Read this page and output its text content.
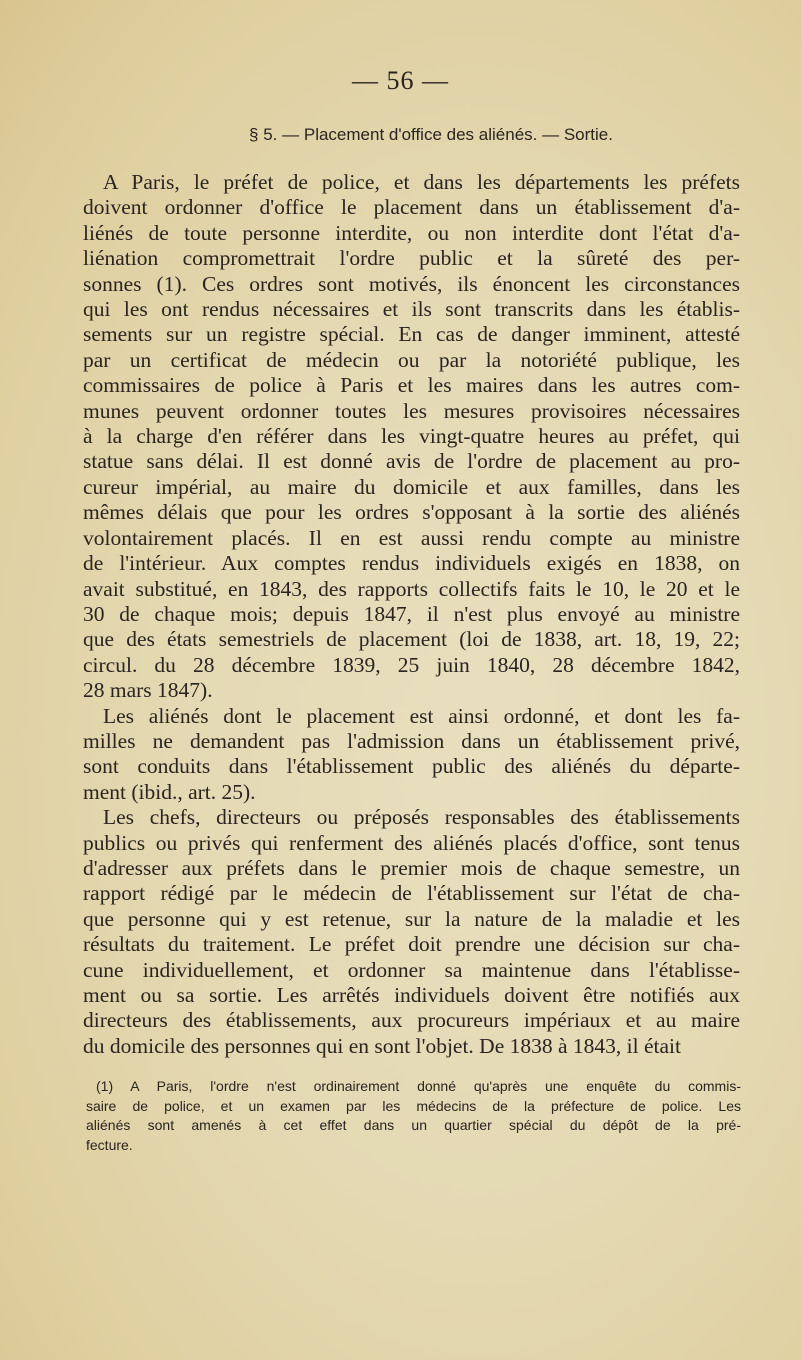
— 56 —
§ 5. — Placement d'office des aliénés. — Sortie.
A Paris, le préfet de police, et dans les départements les préfets
doivent ordonner d'office le placement dans un établissement d'a-
liénés de toute personne interdite, ou non interdite dont l'état d'a-
liénation compromettrait l'ordre public et la sûreté des per-
sonnes (1). Ces ordres sont motivés, ils énoncent les circonstances
qui les ont rendus nécessaires et ils sont transcrits dans les établis-
sements sur un registre spécial. En cas de danger imminent, attesté
par un certificat de médecin ou par la notoriété publique, les
commissaires de police à Paris et les maires dans les autres com-
munes peuvent ordonner toutes les mesures provisoires nécessaires
à la charge d'en référer dans les vingt-quatre heures au préfet, qui
statue sans délai. Il est donné avis de l'ordre de placement au pro-
cureur impérial, au maire du domicile et aux familles, dans les
mêmes délais que pour les ordres s'opposant à la sortie des aliénés
volontairement placés. Il en est aussi rendu compte au ministre
de l'intérieur. Aux comptes rendus individuels exigés en 1838, on
avait substitué, en 1843, des rapports collectifs faits le 10, le 20 et le
30 de chaque mois; depuis 1847, il n'est plus envoyé au ministre
que des états semestriels de placement (loi de 1838, art. 18, 19, 22;
circul. du 28 décembre 1839, 25 juin 1840, 28 décembre 1842,
28 mars 1847).
Les aliénés dont le placement est ainsi ordonné, et dont les fa-
milles ne demandent pas l'admission dans un établissement privé,
sont conduits dans l'établissement public des aliénés du départe-
ment (ibid., art. 25).
Les chefs, directeurs ou préposés responsables des établissements
publics ou privés qui renferment des aliénés placés d'office, sont tenus
d'adresser aux préfets dans le premier mois de chaque semestre, un
rapport rédigé par le médecin de l'établissement sur l'état de cha-
que personne qui y est retenue, sur la nature de la maladie et les
résultats du traitement. Le préfet doit prendre une décision sur cha-
cune individuellement, et ordonner sa maintenue dans l'établisse-
ment ou sa sortie. Les arrêtés individuels doivent être notifiés aux
directeurs des établissements, aux procureurs impériaux et au maire
du domicile des personnes qui en sont l'objet. De 1838 à 1843, il était
(1) A Paris, l'ordre n'est ordinairement donné qu'après une enquête du commis-
saire de police, et un examen par les médecins de la préfecture de police. Les
aliénés sont amenés à cet effet dans un quartier spécial du dépôt de la pré-
fecture.
